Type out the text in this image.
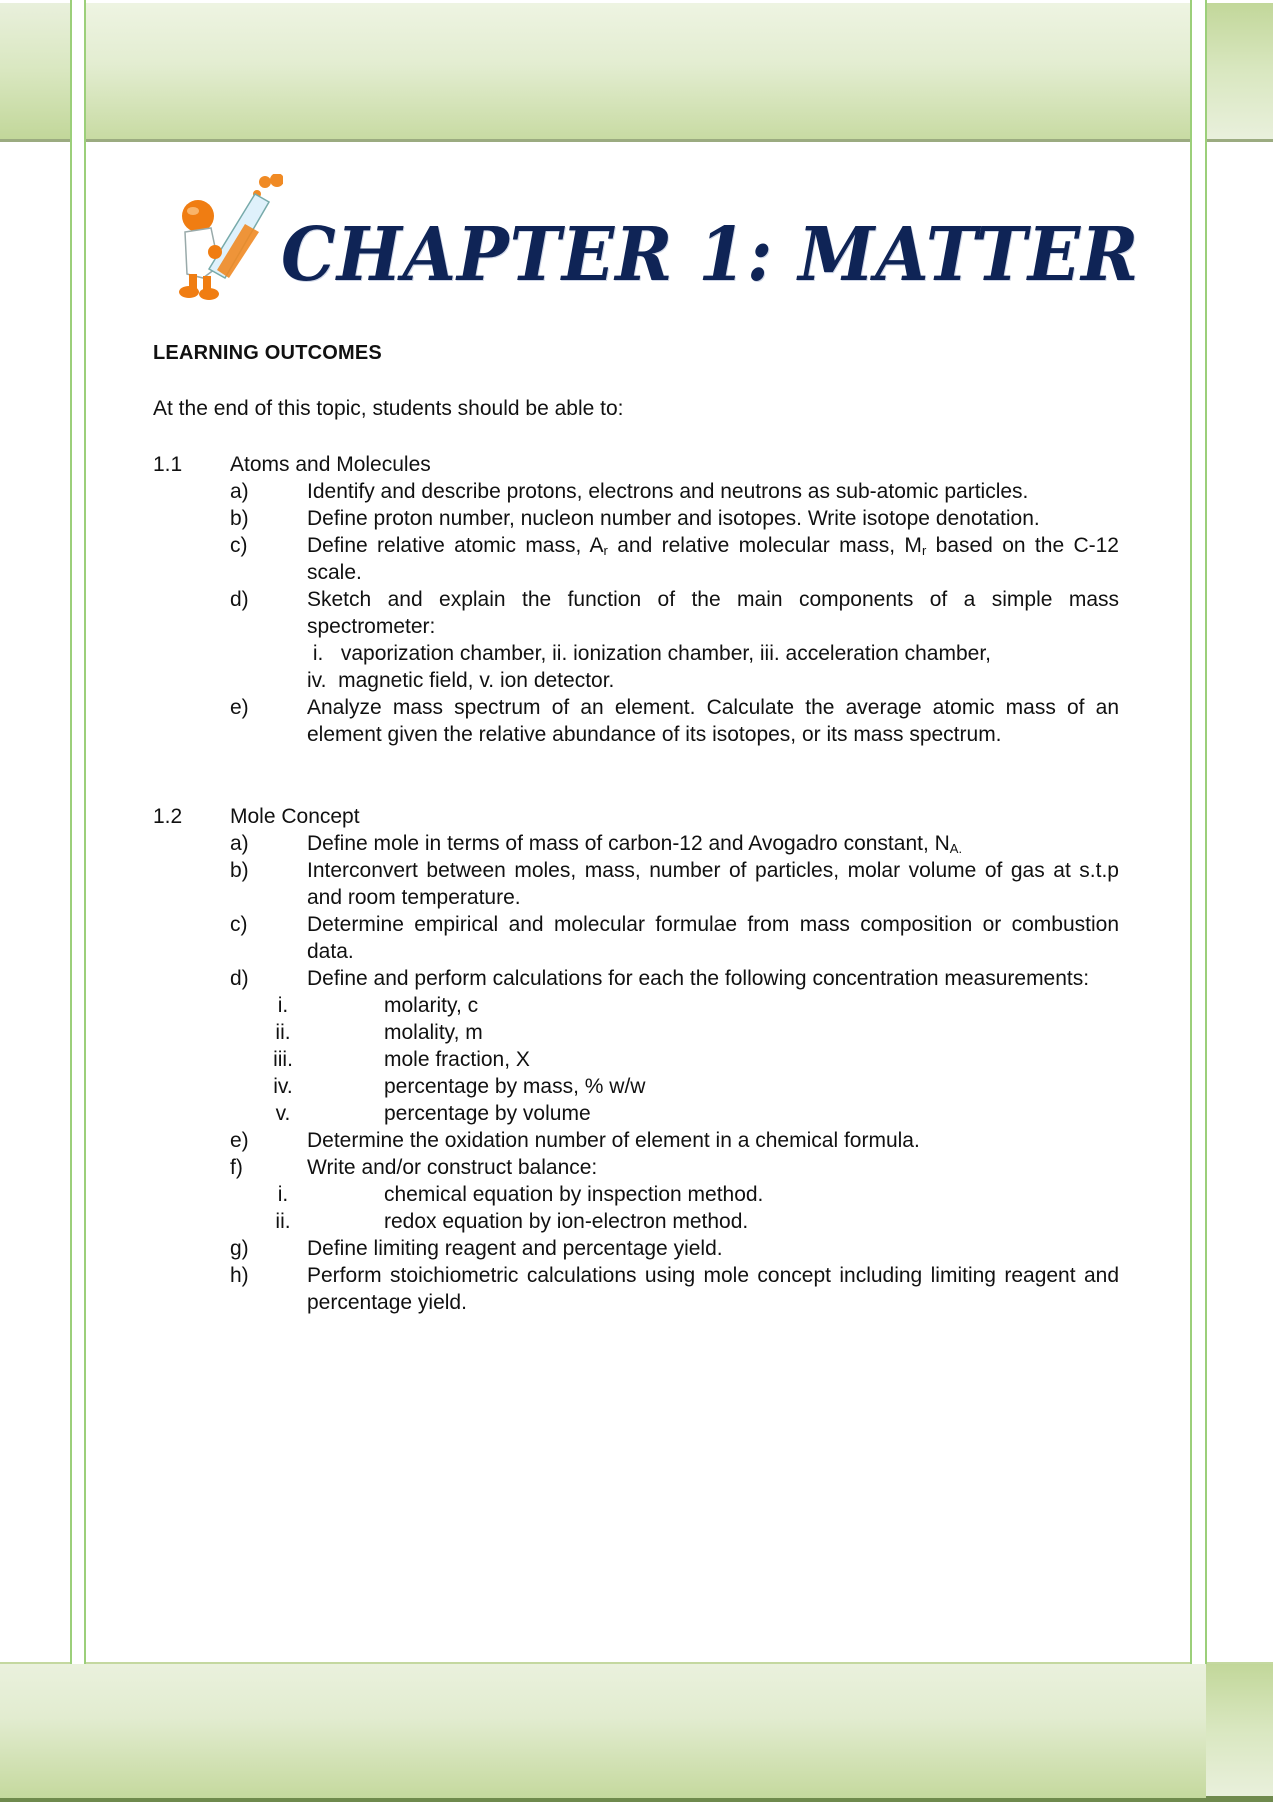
CHAPTER 1: MATTER
LEARNING OUTCOMES
At the end of this topic, students should be able to:
1.1 Atoms and Molecules
a)	Identify and describe protons, electrons and neutrons as sub-atomic particles.
b)	Define proton number, nucleon number and isotopes. Write isotope denotation.
c)	Define relative atomic mass, $A_r$ and relative molecular mass, $M_r$ based on the C-12 scale.
d)	Sketch and explain the function of the main components of a simple mass spectrometer:
i.   vaporization chamber, ii. ionization chamber, iii. acceleration chamber,
iv.  magnetic field, v. ion detector.
e)	Analyze mass spectrum of an element. Calculate the average atomic mass of an element given the relative abundance of its isotopes, or its mass spectrum.
1.2 Mole Concept
a)	Define mole in terms of mass of carbon-12 and Avogadro constant, $N_{A.}$
b)	Interconvert between moles, mass, number of particles, molar volume of gas at s.t.p and room temperature.
c)	Determine empirical and molecular formulae from mass composition or combustion data.
d)	Define and perform calculations for each the following concentration measurements:
i.	molarity, c
ii.	molality, m
iii.	mole fraction, X
iv.	percentage by mass, % w/w
v.	percentage by volume
e)	Determine the oxidation number of element in a chemical formula.
f)	Write and/or construct balance:
i.	chemical equation by inspection method.
ii.	redox equation by ion-electron method.
g)	Define limiting reagent and percentage yield.
h)	Perform stoichiometric calculations using mole concept including limiting reagent and percentage yield.
